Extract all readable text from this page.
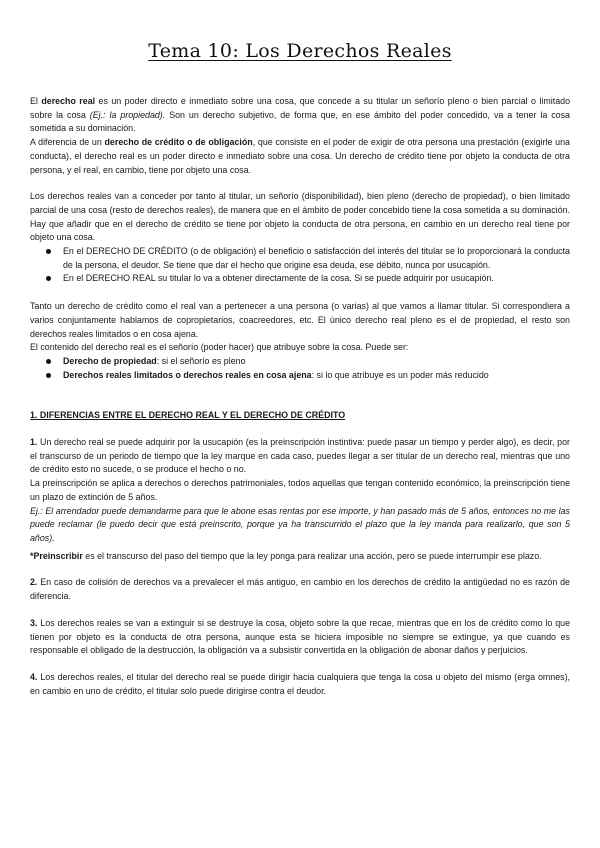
Tema 10: Los Derechos Reales

El derecho real es un poder directo e inmediato sobre una cosa, que concede a su titular un señorío pleno o bien parcial o limitado sobre la cosa (Ej.: la propiedad). Son un derecho subjetivo, de forma que, en ese ámbito del poder concedido, va a tener la cosa sometida a su dominación.

A diferencia de un derecho de crédito o de obligación, que consiste en el poder de exigir de otra persona una prestación (exigirle una conducta), el derecho real es un poder directo e inmediato sobre una cosa. Un derecho de crédito tiene por objeto la conducta de otra persona, y el real, en cambio, tiene por objeto una cosa.

Los derechos reales van a conceder por tanto al titular, un señorío (disponibilidad), bien pleno (derecho de propiedad), o bien limitado parcial de una cosa (resto de derechos reales), de manera que en el ámbito de poder concebido tiene la cosa sometida a su dominación. Hay que añadir que en el derecho de crédito se tiene por objeto la conducta de otra persona, en cambio en un derecho real tiene por objeto una cosa.

En el DERECHO DE CRÉDITO (o de obligación) el beneficio o satisfacción del interés del titular se lo proporcionará la conducta de la persona, el deudor. Se tiene que dar el hecho que origine esa deuda, ese débito, nunca por usucapión.
En el DERECHO REAL su titular lo va a obtener directamente de la cosa. Si se puede adquirir por usucapión.

Tanto un derecho de crédito como el real van a pertenecer a una persona (o varias) al que vamos a llamar titular. Si correspondiera a varios conjuntamente hablamos de copropietarios, coacreedores, etc. El único derecho real pleno es el de propiedad, el resto son derechos reales limitados o en cosa ajena.

El contenido del derecho real es el señorío (poder hacer) que atribuye sobre la cosa. Puede ser:

Derecho de propiedad: si el señorío es pleno
Derechos reales limitados o derechos reales en cosa ajena: si lo que atribuye es un poder más reducido

1. DIFERENCIAS ENTRE EL DERECHO REAL Y EL DERECHO DE CRÉDITO

1. Un derecho real se puede adquirir por la usucapión (es la preinscripción instintiva: puede pasar un tiempo y perder algo), es decir, por el transcurso de un periodo de tiempo que la ley marque en cada caso, puedes llegar a ser titular de un derecho real, mientras que uno de crédito esto no sucede, o se produce el hecho o no.

La preinscripción se aplica a derechos o derechos patrimoniales, todos aquellas que tengan contenido económico, la preinscripción tiene un plazo de extinción de 5 años.

Ej.: El arrendador puede demandarme para que le abone esas rentas por ese importe, y han pasado más de 5 años, entonces no me las puede reclamar (le puedo decir que está preinscrito, porque ya ha transcurrido el plazo que la ley manda para realizarlo, que son 5 años).

*Preinscribir es el transcurso del paso del tiempo que la ley ponga para realizar una acción, pero se puede interrumpir ese plazo.

2. En caso de colisión de derechos va a prevalecer el más antiguo, en cambio en los derechos de crédito la antigüedad no es razón de diferencia.

3. Los derechos reales se van a extinguir si se destruye la cosa, objeto sobre la que recae, mientras que en los de crédito como lo que tienen por objeto es la conducta de otra persona, aunque esta se hiciera imposible no siempre se extingue, ya que cuando es responsable el obligado de la destrucción, la obligación va a subsistir convertida en la obligación de abonar daños y perjuicios.

4. Los derechos reales, el titular del derecho real se puede dirigir hacia cualquiera que tenga la cosa u objeto del mismo (erga omnes), en cambio en uno de crédito, el titular solo puede dirigirse contra el deudor.
